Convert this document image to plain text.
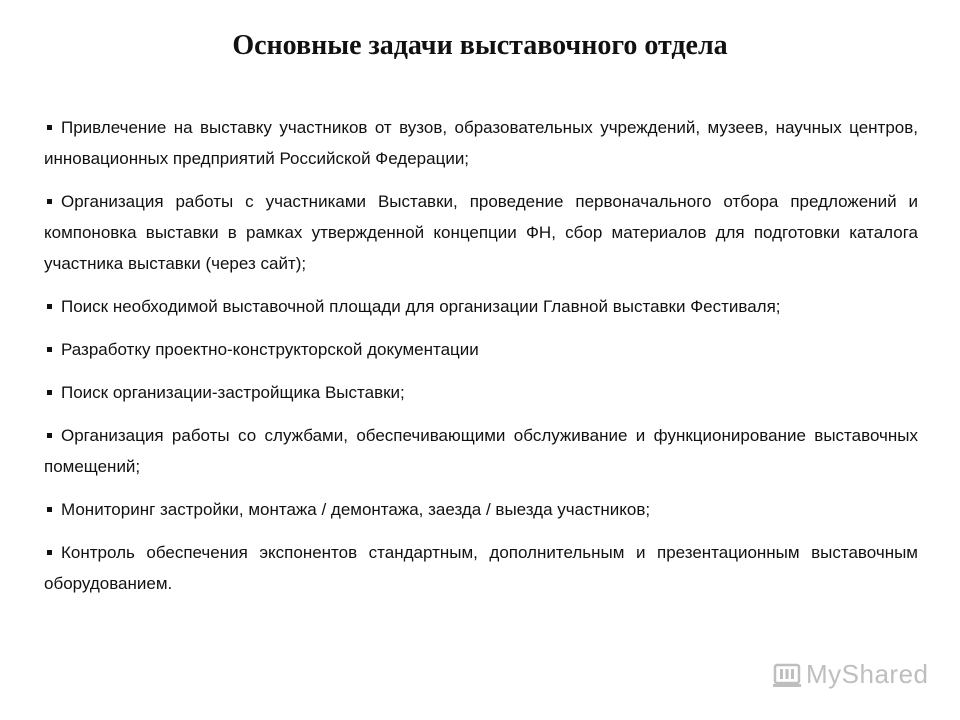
Основные задачи выставочного отдела
Привлечение на выставку участников от вузов, образовательных учреждений, музеев, научных центров, инновационных предприятий Российской Федерации;
Организация работы с участниками Выставки, проведение первоначального отбора предложений и компоновка выставки в рамках утвержденной концепции ФН, сбор материалов для подготовки каталога участника выставки (через сайт);
Поиск необходимой выставочной площади для организации Главной выставки Фестиваля;
Разработку проектно-конструкторской документации
Поиск организации-застройщика Выставки;
Организация работы со службами, обеспечивающими обслуживание и функционирование выставочных помещений;
Мониторинг застройки, монтажа / демонтажа, заезда / выезда участников;
Контроль обеспечения экспонентов стандартным, дополнительным и презентационным выставочным оборудованием.
MyShared
